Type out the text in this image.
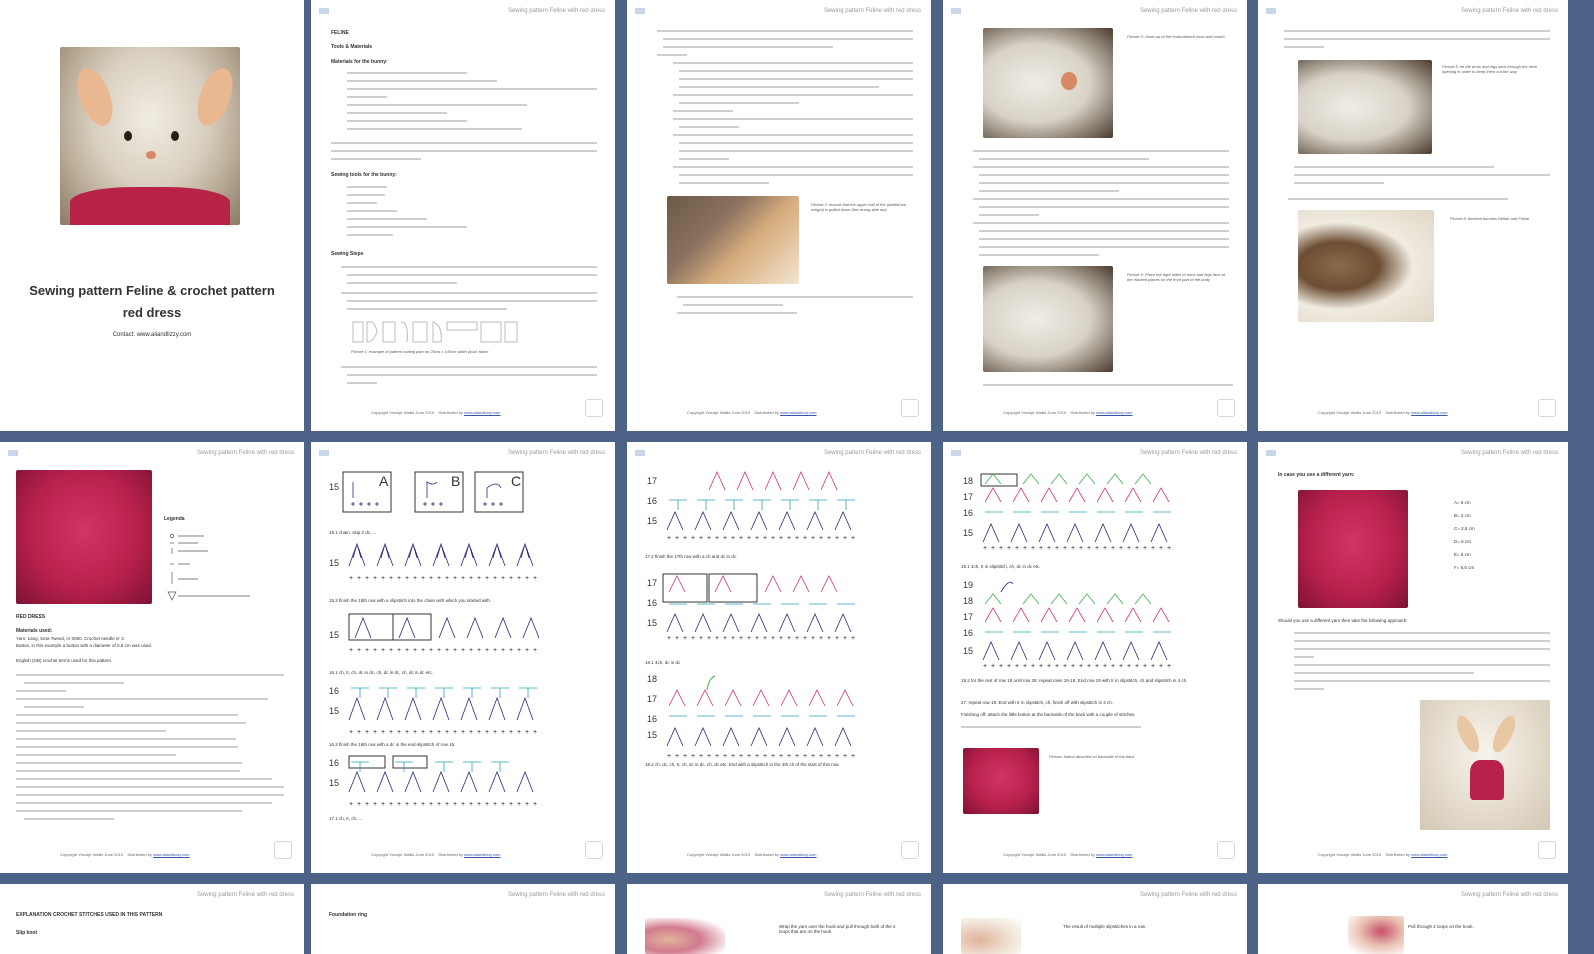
Sewing pattern Feline & crochet pattern red dress
Contact: www.aliandlizzy.com
Sewing pattern Feline with red dress
FELINE
Tools & Materials
Materials for the bunny:
Sewing tools for the bunny:
Sewing Steps
Picture 1: example of pattern cutting plan on 25cm x 140cm width plush fabric
Copyright Vroukje Wallis June 2010 Distributed by www.aliandlizzy.com
Sewing pattern Feline with red dress
Picture 2: ensure that the upper half of the (added ear weight) is pulled down (the wrong side out)
Copyright Vroukje Wallis June 2010 Distributed by www.aliandlizzy.com
Sewing pattern Feline with red dress
Picture 3: close-up of the embroidered nose and mouth
Picture 4: Place the right sides of arms and legs face at the marked places on the front part of the body
Copyright Vroukje Wallis June 2010 Distributed by www.aliandlizzy.com
Sewing pattern Feline with red dress
Picture 5: let the arms and legs stick through the neck opening in order to keep them out the way
Picture 6: finished bunnies Dellah and Feline
Copyright Vroukje Wallis June 2010 Distributed by www.aliandlizzy.com
Sewing pattern Feline with red dress
Legenda
RED DRESS
Materials used:
Yarn: Lang, Seta Tweed, nr 0060. Crochet needle nr 3.
Button, in this example a button with a diameter of 0,6 cm was used.
English (GB) crochet terms used for this pattern.
Copyright Vroukje Wallis June 2010 Distributed by www.aliandlizzy.com
Sewing pattern Feline with red dress
15	A	B	C
15.1 chain, skip 2 dc, ...
15
+ + + + + + + + + + + + + + + + + + + + + + + +
15.2 finish the 15th row with a slipstitch into the chain with which you started with.
15
+ + + + + + + + + + + + + + + + + + + + + + + +
16.1 ch, tr, ch, dc in dc, ch, dc in dc, ch, dc in dc etc.
16
15
+ + + + + + + + + + + + + + + + + + + + + + + +
16.2 finish the 16th row with a dc in the end-slipstitch of row 15.
16
15
+ + + + + + + + + + + + + + + + + + + + + + + +
17.1 ch, tr, ch, ...
Copyright Vroukje Wallis June 2010 Distributed by www.aliandlizzy.com
Sewing pattern Feline with red dress
17
16
15
+ + + + + + + + + + + + + + + + + + + + + + + +
17.2 finish the 17th row with a ch and dc in dc.
17
16
15
+ + + + + + + + + + + + + + + + + + + + + + + +
18.1 4ch, dc in dc
18
17
16
15
+ + + + + + + + + + + + + + + + + + + + + + + +
18.2 ch, dc, ch, tr, ch, dc in dc, ch, dc etc. End with a slipstitch in the 4th ch of the start of this row.
Copyright Vroukje Wallis June 2010 Distributed by www.aliandlizzy.com
Sewing pattern Feline with red dress
18
17
16
15
+ + + + + + + + + + + + + + + + + + + + + + + +
19.1 4ch, tr in slipstitch, ch, dc in dc etc.
19
18
17
16
15
+ + + + + + + + + + + + + + + + + + + + + + + +
19.2 for the rest of row 19 until row 28: repeat rows 15-18. End row 19 with tr in slipstitch, ch and slipstitch in 4 ch.
27. repeat row 19. End with tr in slipstitch, ch, finish off with slipstitch in 4 ch.
Finishing off: attach the little button at the backside of the back with a couple of stitches.
Picture: button attached on backside of the back
Copyright Vroukje Wallis June 2010 Distributed by www.aliandlizzy.com
Sewing pattern Feline with red dress
In case you use a different yarn:
A= 6 cm
B= 4 cm
C= 2,5 cm
D= 6 cm
E= 6 cm
F= 5,5 cm
Should you use a different yarn then take the following approach:
Copyright Vroukje Wallis June 2010 Distributed by www.aliandlizzy.com
Sewing pattern Feline with red dress
EXPLANATION CROCHET STITCHES USED IN THIS PATTERN
Slip knot
Sewing pattern Feline with red dress
Foundation ring
Sewing pattern Feline with red dress
Wrap the yarn over the hook and pull through both of the 2 loops that are on the hook.
Sewing pattern Feline with red dress
The result of multiple slipstitches in a row.
Sewing pattern Feline with red dress
Pull through 2 loops on the hook.
